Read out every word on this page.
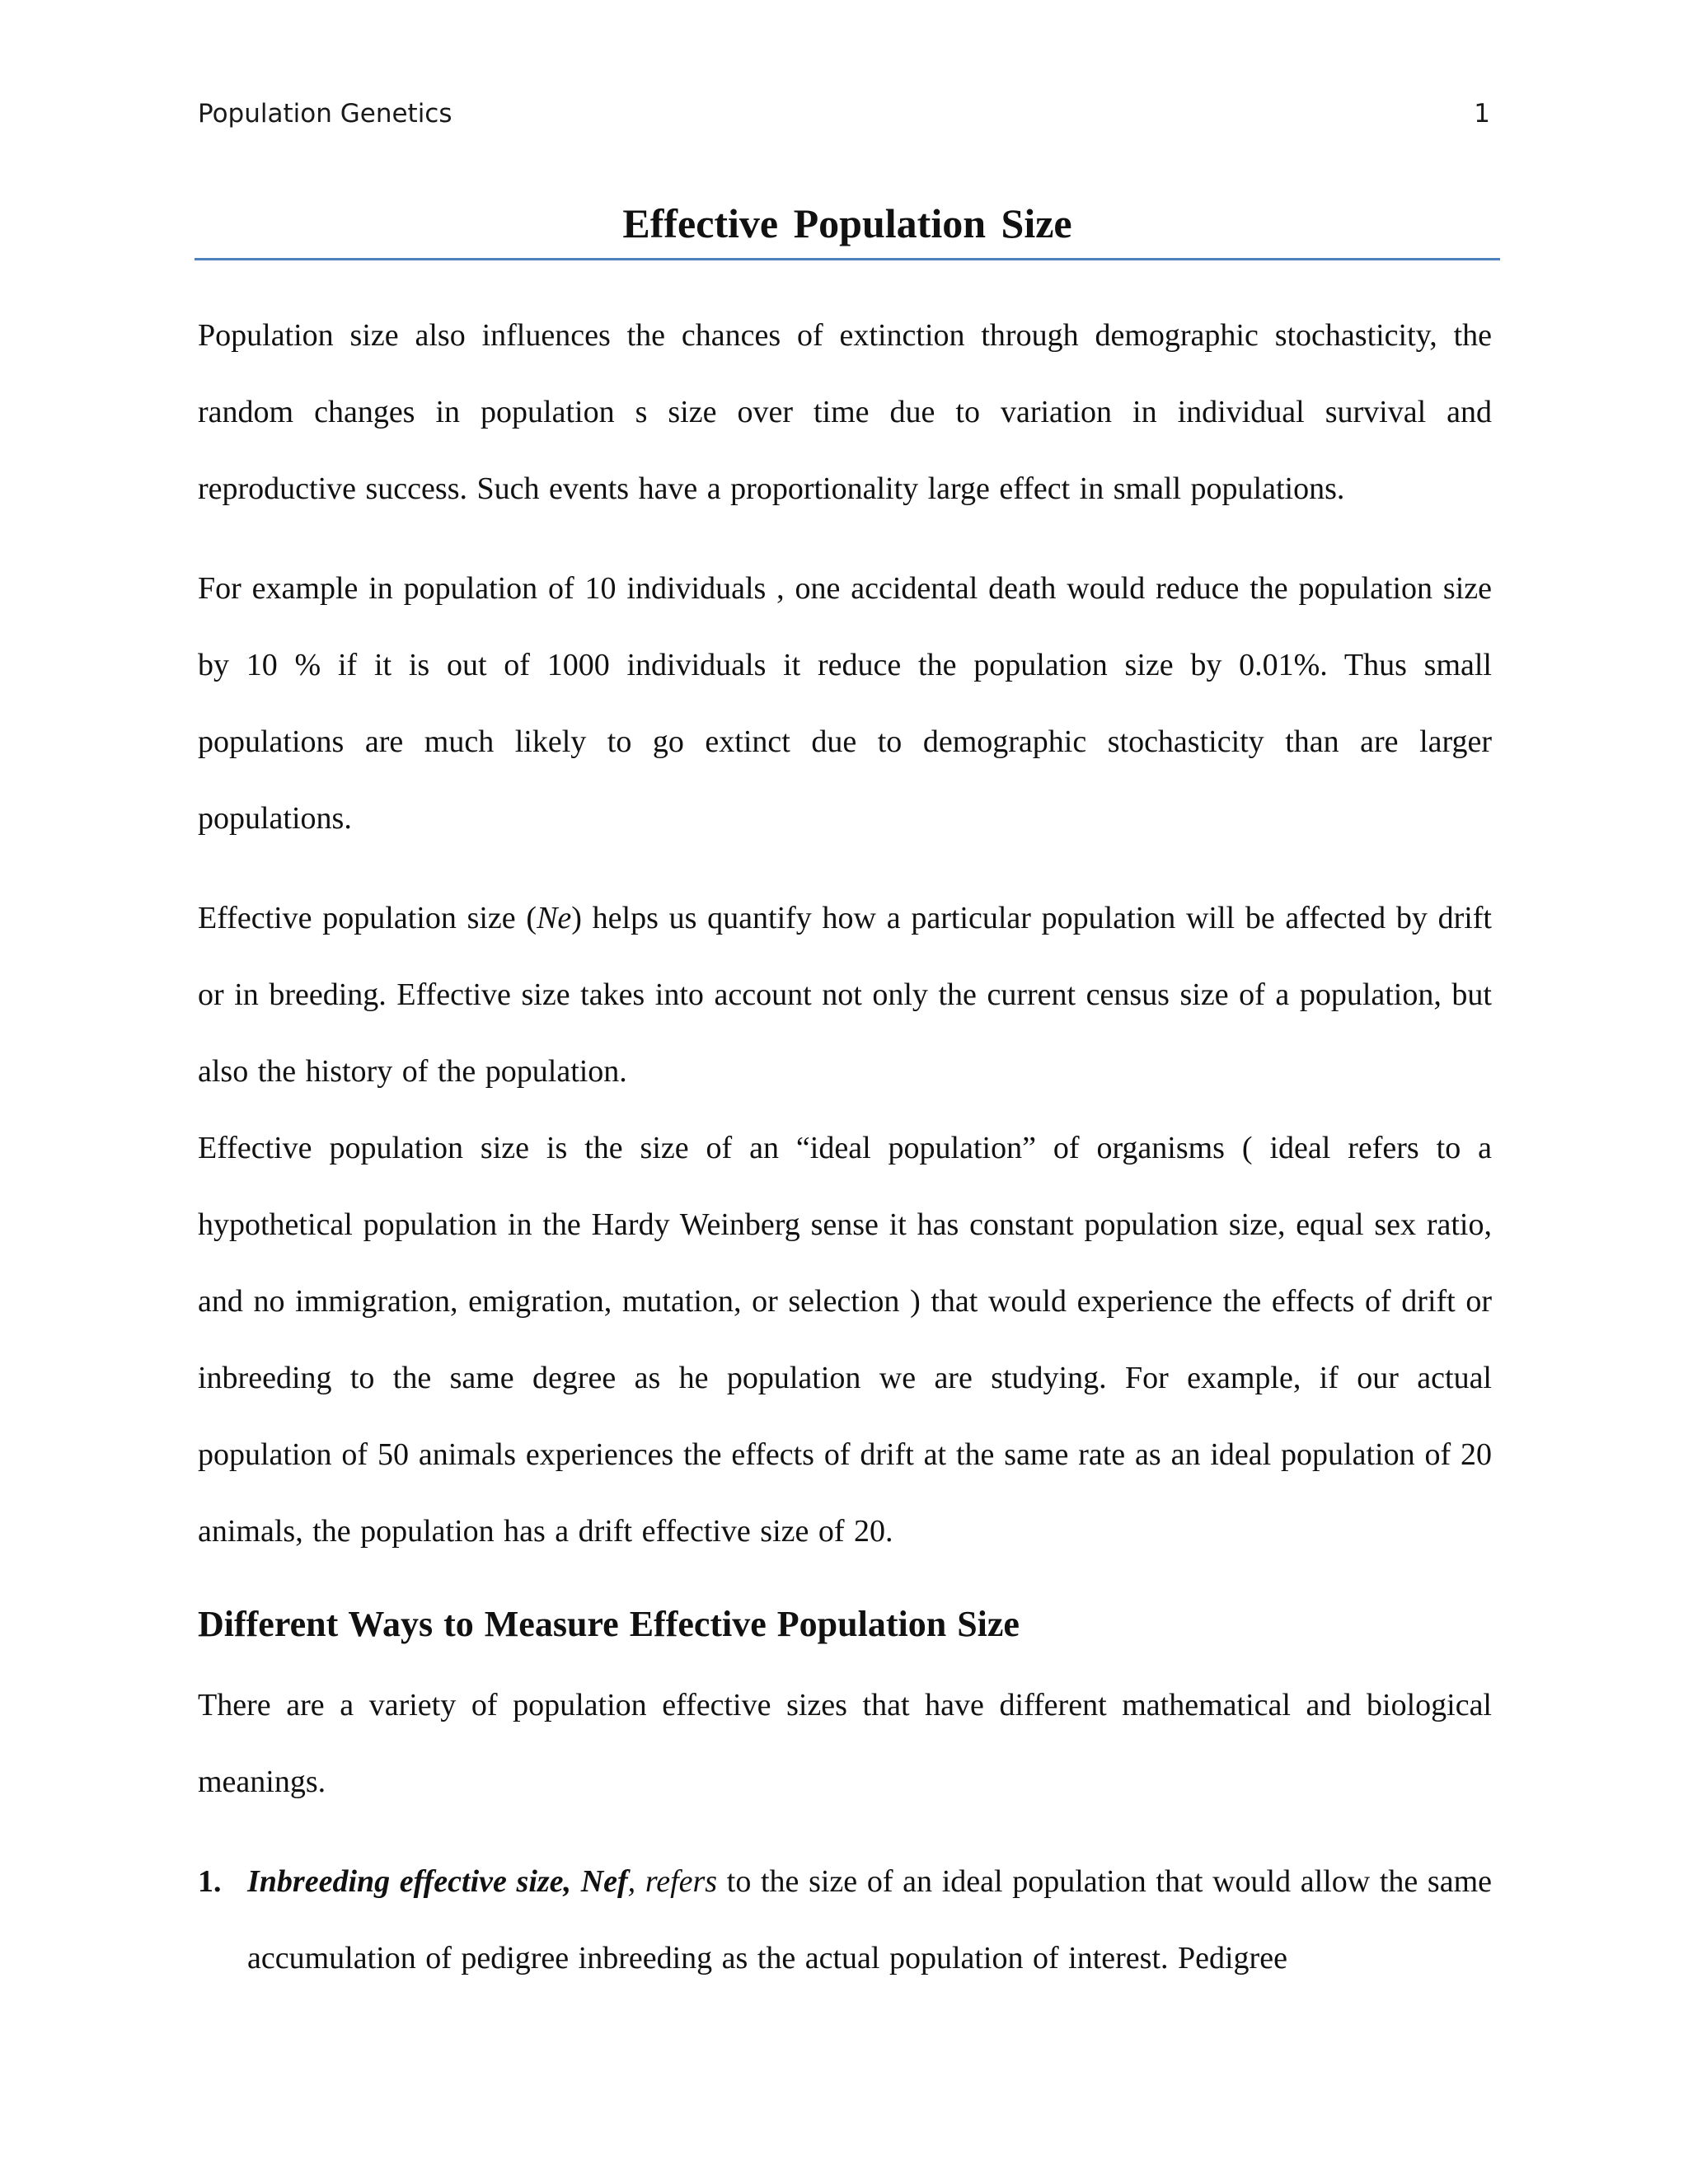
Population Genetics	1
Effective Population Size

Population size also influences the chances of extinction through demographic stochasticity, the random changes in population s size over time due to variation in individual survival and reproductive success. Such events have a proportionality large effect in small populations.

For example in population of 10 individuals , one accidental death would reduce the population size by 10 % if it is out of 1000 individuals it reduce the population size by 0.01%. Thus small populations are much likely to go extinct due to demographic stochasticity than are larger populations.

Effective population size (Ne) helps us quantify how a particular population will be affected by drift or in breeding. Effective size takes into account not only the current census size of a population, but also the history of the population.

Effective population size is the size of an “ideal population” of organisms ( ideal refers to a hypothetical population in the Hardy Weinberg sense it has constant population size, equal sex ratio, and no immigration, emigration, mutation, or selection ) that would experience the effects of drift or inbreeding to the same degree as he population we are studying. For example, if our actual population of 50 animals experiences the effects of drift at the same rate as an ideal population of 20 animals, the population has a drift effective size of 20.

Different Ways to Measure Effective Population Size

There are a variety of population effective sizes that have different mathematical and biological meanings.

1. Inbreeding effective size, Nef, refers to the size of an ideal population that would allow the same accumulation of pedigree inbreeding as the actual population of interest. Pedigree
